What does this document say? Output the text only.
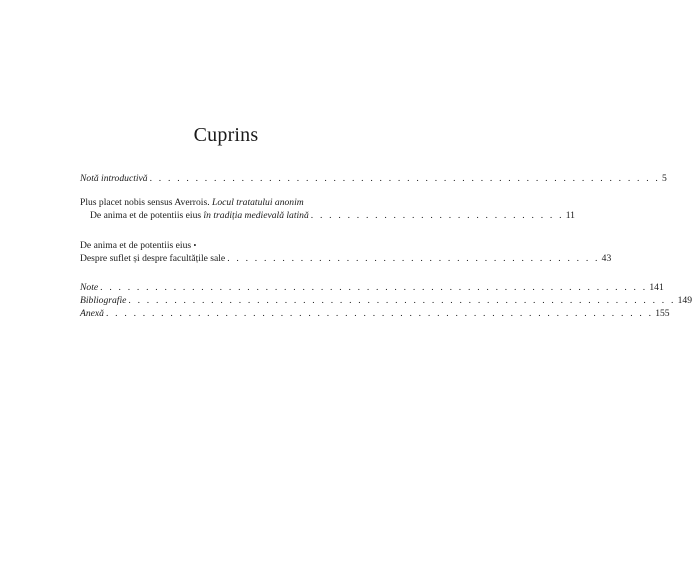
Cuprins
Notă introductivă . . . . . . . . . . . . . . . . . . . . . . . . . . . . . . . . . . . . . . . . . . . . . . . . . . . . . . . . 5
Plus placet nobis sensus Averrois. Locul tratatului anonim
De anima et de potentiis eius în tradiția medievală latină . . . . . . . . . . . . . . . . . . . . . . . . . . . . 11
De anima et de potentiis eius •
Despre suflet și despre facultățile sale . . . . . . . . . . . . . . . . . . . . . . . . . . . . . . . . . . . . . . . . . 43
Note . . . . . . . . . . . . . . . . . . . . . . . . . . . . . . . . . . . . . . . . . . . . . . . . . . . . . . . . . . . . 141
Bibliografie . . . . . . . . . . . . . . . . . . . . . . . . . . . . . . . . . . . . . . . . . . . . . . . . . . . . . . . . . . . . 149
Anexă . . . . . . . . . . . . . . . . . . . . . . . . . . . . . . . . . . . . . . . . . . . . . . . . . . . . . . . . . . . . 155
